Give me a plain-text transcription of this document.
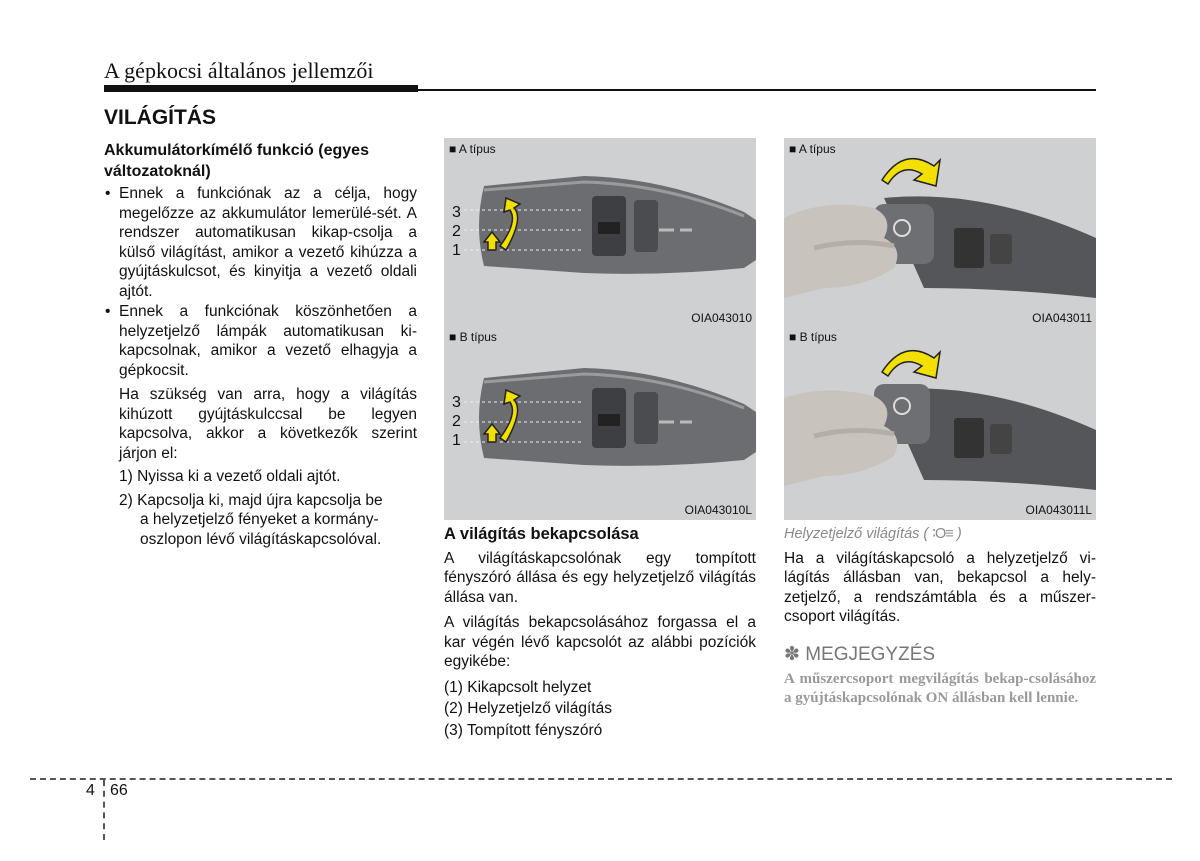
A gépkocsi általános jellemzői
VILÁGÍTÁS
Akkumulátorkímélő funkció (egyes változatoknál)
• Ennek a funkciónak az a célja, hogy megelőzze az akkumulátor lemerülé-sét. A rendszer automatikusan kikap-csolja a külső világítást, amikor a vezető kihúzza a gyújtáskulcsot, és kinyitja a vezető oldali ajtót.
• Ennek a funkciónak köszönhetően a helyzetjelző lámpák automatikusan ki-kapcsolnak, amikor a vezető elhagyja a gépkocsit.
Ha szükség van arra, hogy a világítás kihúzott gyújtáskulccsal be legyen kapcsolva, akkor a következők szerint járjon el:
1) Nyissa ki a vezető oldali ajtót.
2) Kapcsolja ki, majd újra kapcsolja be
a helyzetjelző fényeket a kormány-oszlopon lévő világításkapcsolóval.
■ A típus
OIA043010
3
2
1
■ B típus
OIA043010L
3
2
1
■ A típus
OIA043011
■ B típus
OIA043011L
A világítás bekapcsolása

A világításkapcsolónak egy tompított fényszóró állása és egy helyzetjelző világítás állása van.

A világítás bekapcsolásához forgassa el a kar végén lévő kapcsolót az alábbi pozíciók egyikébe:

(1) Kikapcsolt helyzet
(2) Helyzetjelző világítás
(3) Tompított fényszóró
Helyzetjelző világítás ( ∶O≡ )

Ha a világításkapcsoló a helyzetjelző vi-lágítás állásban van, bekapcsol a hely-zetjelző, a rendszámtábla és a műszer-csoport világítás.

✽ MEGJEGYZÉS
A műszercsoport megvilágítás bekap-csolásához a gyújtáskapcsolónak ON állásban kell lennie.
4 66
